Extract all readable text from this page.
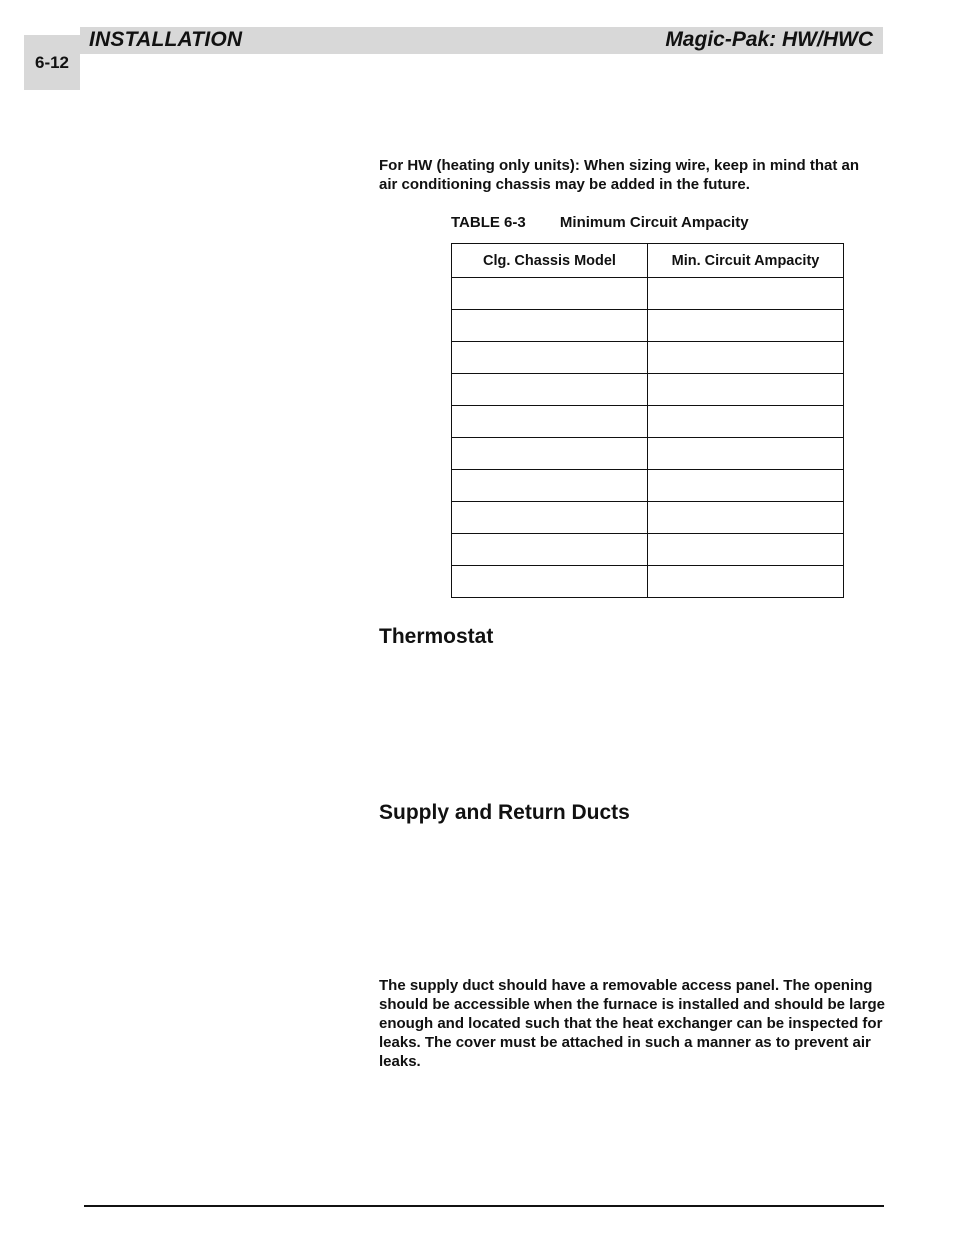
INSTALLATION	Magic-Pak: HW/HWC
6-12
For HW (heating only units): When sizing wire, keep in mind that an air conditioning chassis may be added in the future.
TABLE 6-3 Minimum Circuit Ampacity
Clg. Chassis Model	Min. Circuit Ampacity

Thermostat
Supply and Return Ducts
The supply duct should have a removable access panel. The opening should be accessible when the furnace is installed and should be large enough and located such that the heat exchanger can be inspected for leaks. The cover must be attached in such a manner as to prevent air leaks.
